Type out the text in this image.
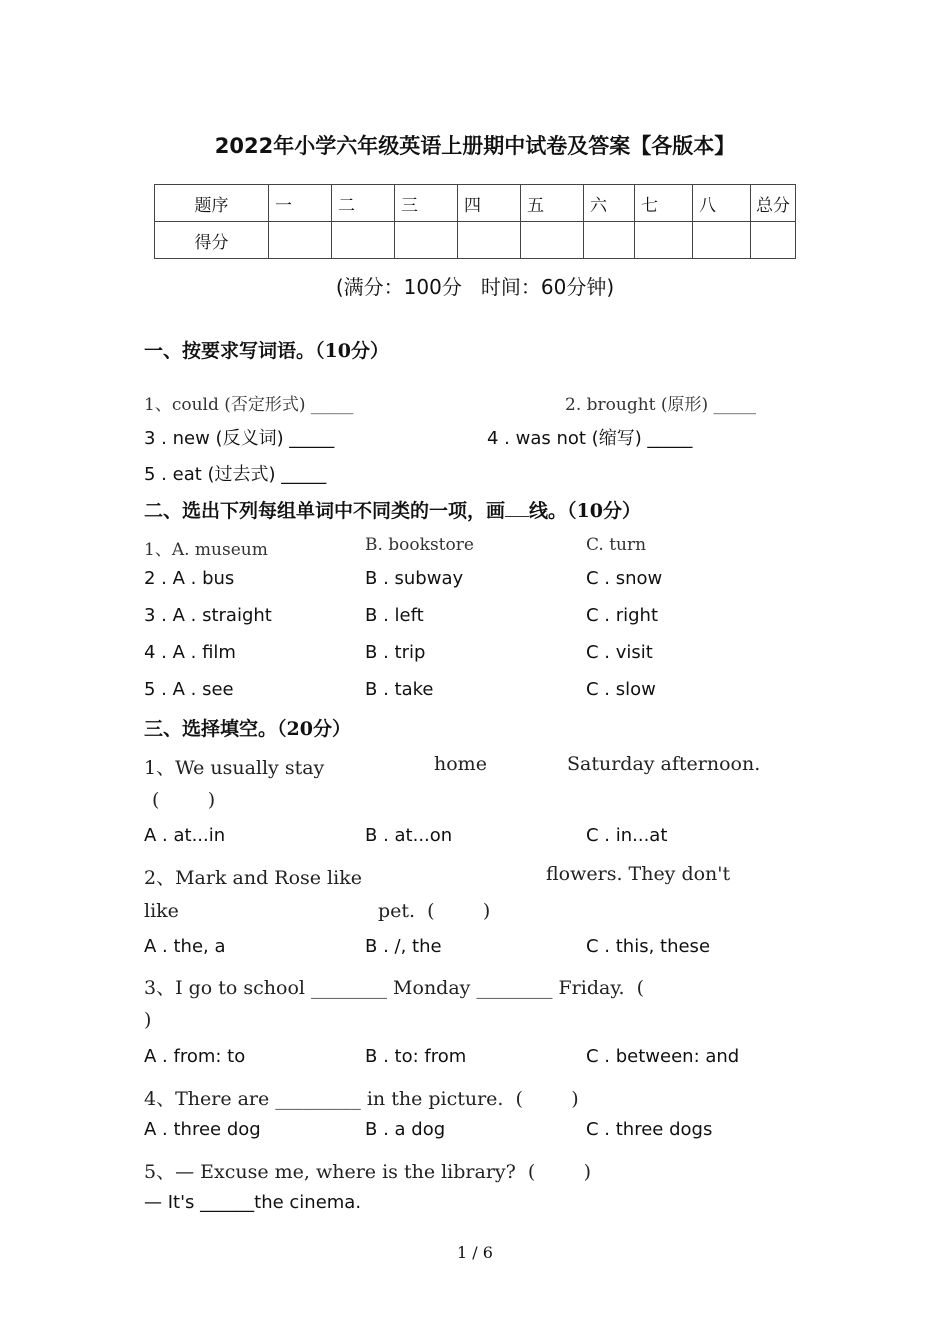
2022年小学六年级英语上册期中试卷及答案【各版本】
题序	一	二	三	四	五	六	七	八	总分
得分									
(满分：100分   时间：60分钟)
一、按要求写词语。（10分）
1、could (否定形式) _____	2. brought (原形) _____
3 . new (反义词) _____	4 . was not (缩写) _____
5 . eat (过去式) _____
二、选出下列每组单词中不同类的一项，画 线。（10分）
1、A. museum	B. bookstore	C. turn
2 . A . bus	B . subway	C . snow
3 . A . straight	B . left	C . right
4 . A . film	B . trip	C . visit
5 . A . see	B . take	C . slow
三、选择填空。（20分）
1、We usually stay	home	Saturday afternoon.
(        )
A . at...in	B . at...on	C . in...at
2、Mark and Rose like	flowers. They don't
like	pet.  (        )
A . the, a	B . /, the	C . this, these
3、I go to school ________ Monday ________ Friday.  (
)
A . from: to	B . to: from	C . between: and
4、There are _________ in the picture.  (        )
A . three dog	B . a dog	C . three dogs
5、— Excuse me, where is the library?  (        )
— It's ______the cinema.
1 / 6
